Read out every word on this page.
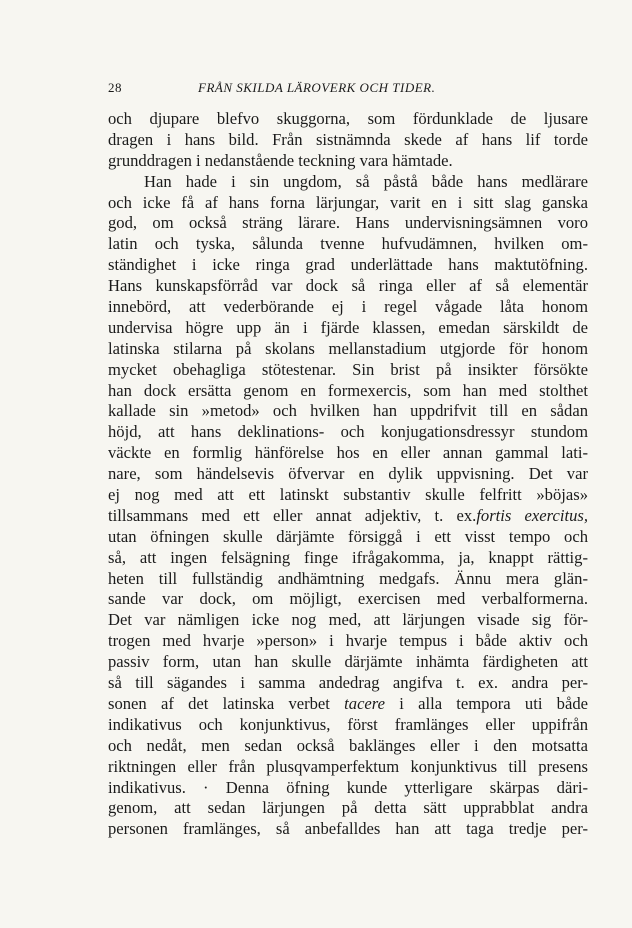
28	FRÅN SKILDA LÄROVERK OCH TIDER.
och djupare blefvo skuggorna, som fördunklade de ljusare
dragen i hans bild. Från sistnämnda skede af hans lif torde
grunddragen i nedanstående teckning vara hämtade.
Han hade i sin ungdom, så påstå både hans medlärare
och icke få af hans forna lärjungar, varit en i sitt slag ganska
god, om också sträng lärare. Hans undervisningsämnen voro
latin och tyska, sålunda tvenne hufvudämnen, hvilken om-
ständighet i icke ringa grad underlättade hans maktutöfning.
Hans kunskapsförråd var dock så ringa eller af så elementär
innebörd, att vederbörande ej i regel vågade låta honom
undervisa högre upp än i fjärde klassen, emedan särskildt de
latinska stilarna på skolans mellanstadium utgjorde för honom
mycket obehagliga stötestenar. Sin brist på insikter försökte
han dock ersätta genom en formexercis, som han med stolthet
kallade sin »metod» och hvilken han uppdrifvit till en sådan
höjd, att hans deklinations- och konjugationsdressyr stundom
väckte en formlig hänförelse hos en eller annan gammal lati-
nare, som händelsevis öfvervar en dylik uppvisning. Det var
ej nog med att ett latinskt substantiv skulle felfritt »böjas»
tillsammans med ett eller annat adjektiv, t. ex.fortis exercitus,
utan öfningen skulle därjämte försiggå i ett visst tempo och
så, att ingen felsägning finge ifrågakomma, ja, knappt rättig-
heten till fullständig andhämtning medgafs. Ännu mera glän-
sande var dock, om möjligt, exercisen med verbalformerna.
Det var nämligen icke nog med, att lärjungen visade sig för-
trogen med hvarje »person» i hvarje tempus i både aktiv och
passiv form, utan han skulle därjämte inhämta färdigheten att
så till sägandes i samma andedrag angifva t. ex. andra per-
sonen af det latinska verbet tacere i alla tempora uti både
indikativus och konjunktivus, först framlänges eller uppifrån
och nedåt, men sedan också baklänges eller i den motsatta
riktningen eller från plusqvamperfektum konjunktivus till presens
indikativus. · Denna öfning kunde ytterligare skärpas däri-
genom, att sedan lärjungen på detta sätt upprabblat andra
personen framlänges, så anbefalldes han att taga tredje per-
